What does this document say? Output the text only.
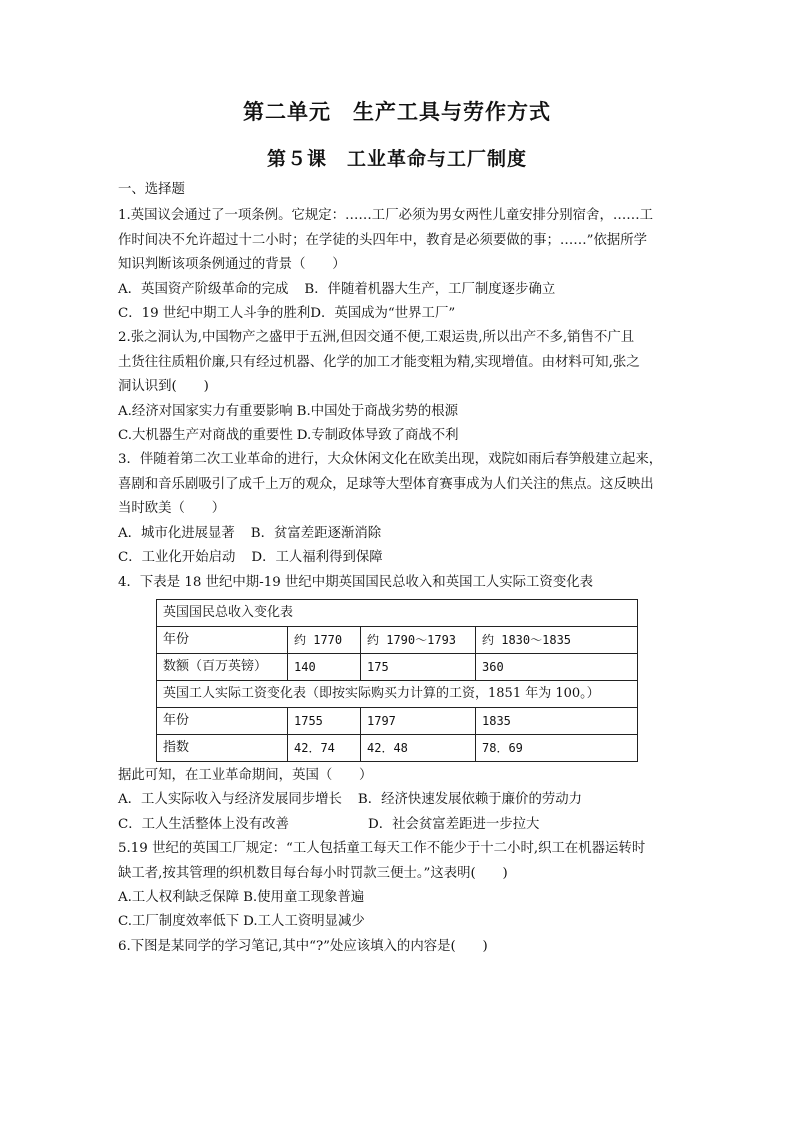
第二单元　生产工具与劳作方式
第５课　工业革命与工厂制度
一、选择题
1.英国议会通过了一项条例。它规定：……工厂必须为男女两性儿童安排分别宿舍，……工
作时间决不允许超过十二小时；在学徒的头四年中，教育是必须要做的事；……”依据所学
知识判断该项条例通过的背景（　　）
A．英国资产阶级革命的完成 B．伴随着机器大生产，工厂制度逐步确立
C．19 世纪中期工人斗争的胜利D．英国成为“世界工厂”
2.张之洞认为,中国物产之盛甲于五洲,但因交通不便,工艰运贵,所以出产不多,销售不广且
土货往往质粗价廉,只有经过机器、化学的加工才能变粗为精,实现增值。由材料可知,张之
洞认识到(　　)
A.经济对国家实力有重要影响 B.中国处于商战劣势的根源
C.大机器生产对商战的重要性 D.专制政体导致了商战不利
3．伴随着第二次工业革命的进行，大众休闲文化在欧美出现，戏院如雨后春笋般建立起来，
喜剧和音乐剧吸引了成千上万的观众，足球等大型体育赛事成为人们关注的焦点。这反映出
当时欧美（　　）
A．城市化进展显著 B．贫富差距逐渐消除
C．工业化开始启动 D．工人福利得到保障
4．下表是 18 世纪中期-19 世纪中期英国国民总收入和英国工人实际工资变化表
英国国民总收入变化表			
年份	约 1770	约 1790～1793	约 1830～1835
数额（百万英镑）	140	175	360
英国工人实际工资变化表（即按实际购买力计算的工资，1851 年为 100。）			
年份	1755	1797	1835
指数	42．74	42．48	78．69
据此可知，在工业革命期间，英国（　　）
A．工人实际收入与经济发展同步增长 B．经济快速发展依赖于廉价的劳动力
C．工人生活整体上没有改善	D．社会贫富差距进一步拉大
5.19 世纪的英国工厂规定：“工人包括童工每天工作不能少于十二小时,织工在机器运转时
缺工者,按其管理的织机数目每台每小时罚款三便士。”这表明(　　)
A.工人权利缺乏保障 B.使用童工现象普遍
C.工厂制度效率低下 D.工人工资明显减少
6.下图是某同学的学习笔记,其中“?”处应该填入的内容是(　　)
